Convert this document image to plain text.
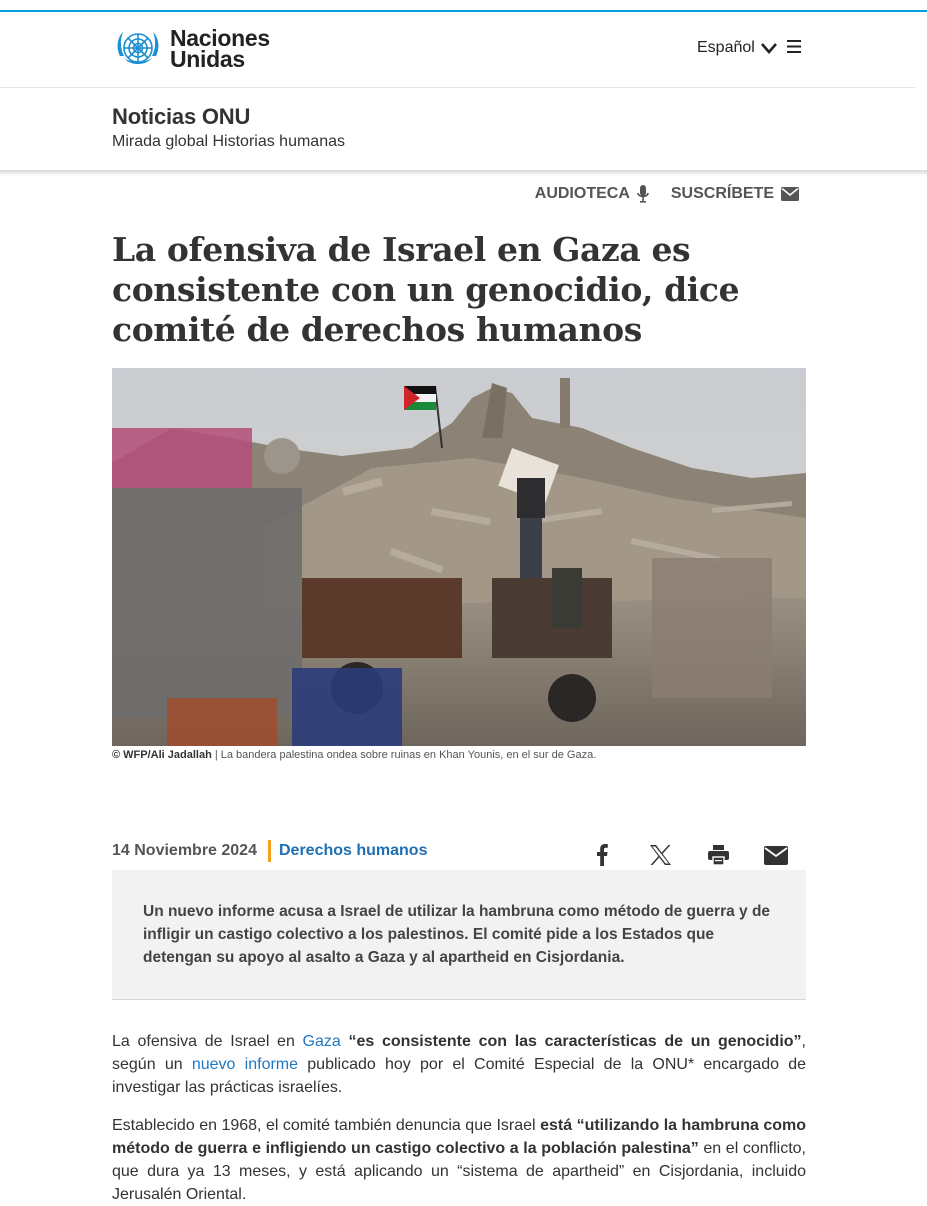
Naciones
Unidas	Español
Noticias ONU
Mirada global Historias humanas
AUDIOTECA	SUSCRÍBETE
La ofensiva de Israel en Gaza es consistente con un genocidio, dice comité de derechos humanos
© WFP/Ali Jadallah | La bandera palestina ondea sobre ruinas en Khan Younis, en el sur de Gaza.
14 Noviembre 2024 Derechos humanos
Un nuevo informe acusa a Israel de utilizar la hambruna como método de guerra y de infligir un castigo colectivo a los palestinos. El comité pide a los Estados que detengan su apoyo al asalto a Gaza y al apartheid en Cisjordania.

La ofensiva de Israel en Gaza “es consistente con las características de un genocidio”, según un nuevo informe publicado hoy por el Comité Especial de la ONU* encargado de investigar las prácticas israelíes.

Establecido en 1968, el comité también denuncia que Israel está “utilizando la hambruna como método de guerra e infligiendo un castigo colectivo a la población palestina” en el conflicto, que dura ya 13 meses, y está aplicando un “sistema de apartheid” en Cisjordania, incluido Jerusalén Oriental.
